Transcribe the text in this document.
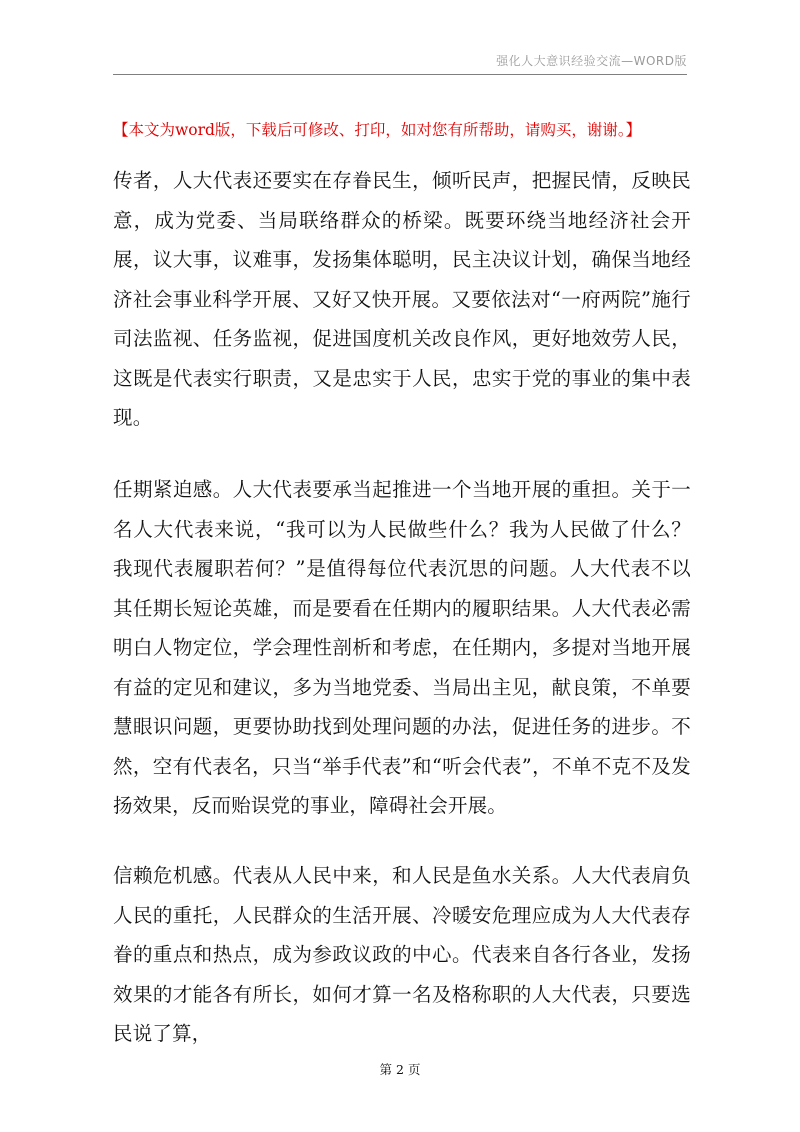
强化人大意识经验交流—WORD版
【本文为word版，下载后可修改、打印，如对您有所帮助，请购买，谢谢。】
传者，人大代表还要实在存眷民生，倾听民声，把握民情，反映民意，成为党委、当局联络群众的桥梁。既要环绕当地经济社会开展，议大事，议难事，发扬集体聪明，民主决议计划，确保当地经济社会事业科学开展、又好又快开展。又要依法对“一府两院”施行司法监视、任务监视，促进国度机关改良作风，更好地效劳人民，这既是代表实行职责，又是忠实于人民，忠实于党的事业的集中表现。
任期紧迫感。人大代表要承当起推进一个当地开展的重担。关于一名人大代表来说，“我可以为人民做些什么？我为人民做了什么？我现代表履职若何？”是值得每位代表沉思的问题。人大代表不以其任期长短论英雄，而是要看在任期内的履职结果。人大代表必需明白人物定位，学会理性剖析和考虑，在任期内，多提对当地开展有益的定见和建议，多为当地党委、当局出主见，献良策，不单要慧眼识问题，更要协助找到处理问题的办法，促进任务的进步。不然，空有代表名，只当“举手代表”和“听会代表”，不单不克不及发扬效果，反而贻误党的事业，障碍社会开展。
信赖危机感。代表从人民中来，和人民是鱼水关系。人大代表肩负人民的重托，人民群众的生活开展、冷暖安危理应成为人大代表存眷的重点和热点，成为参政议政的中心。代表来自各行各业，发扬效果的才能各有所长，如何才算一名及格称职的人大代表，只要选民说了算，
第 2 页
